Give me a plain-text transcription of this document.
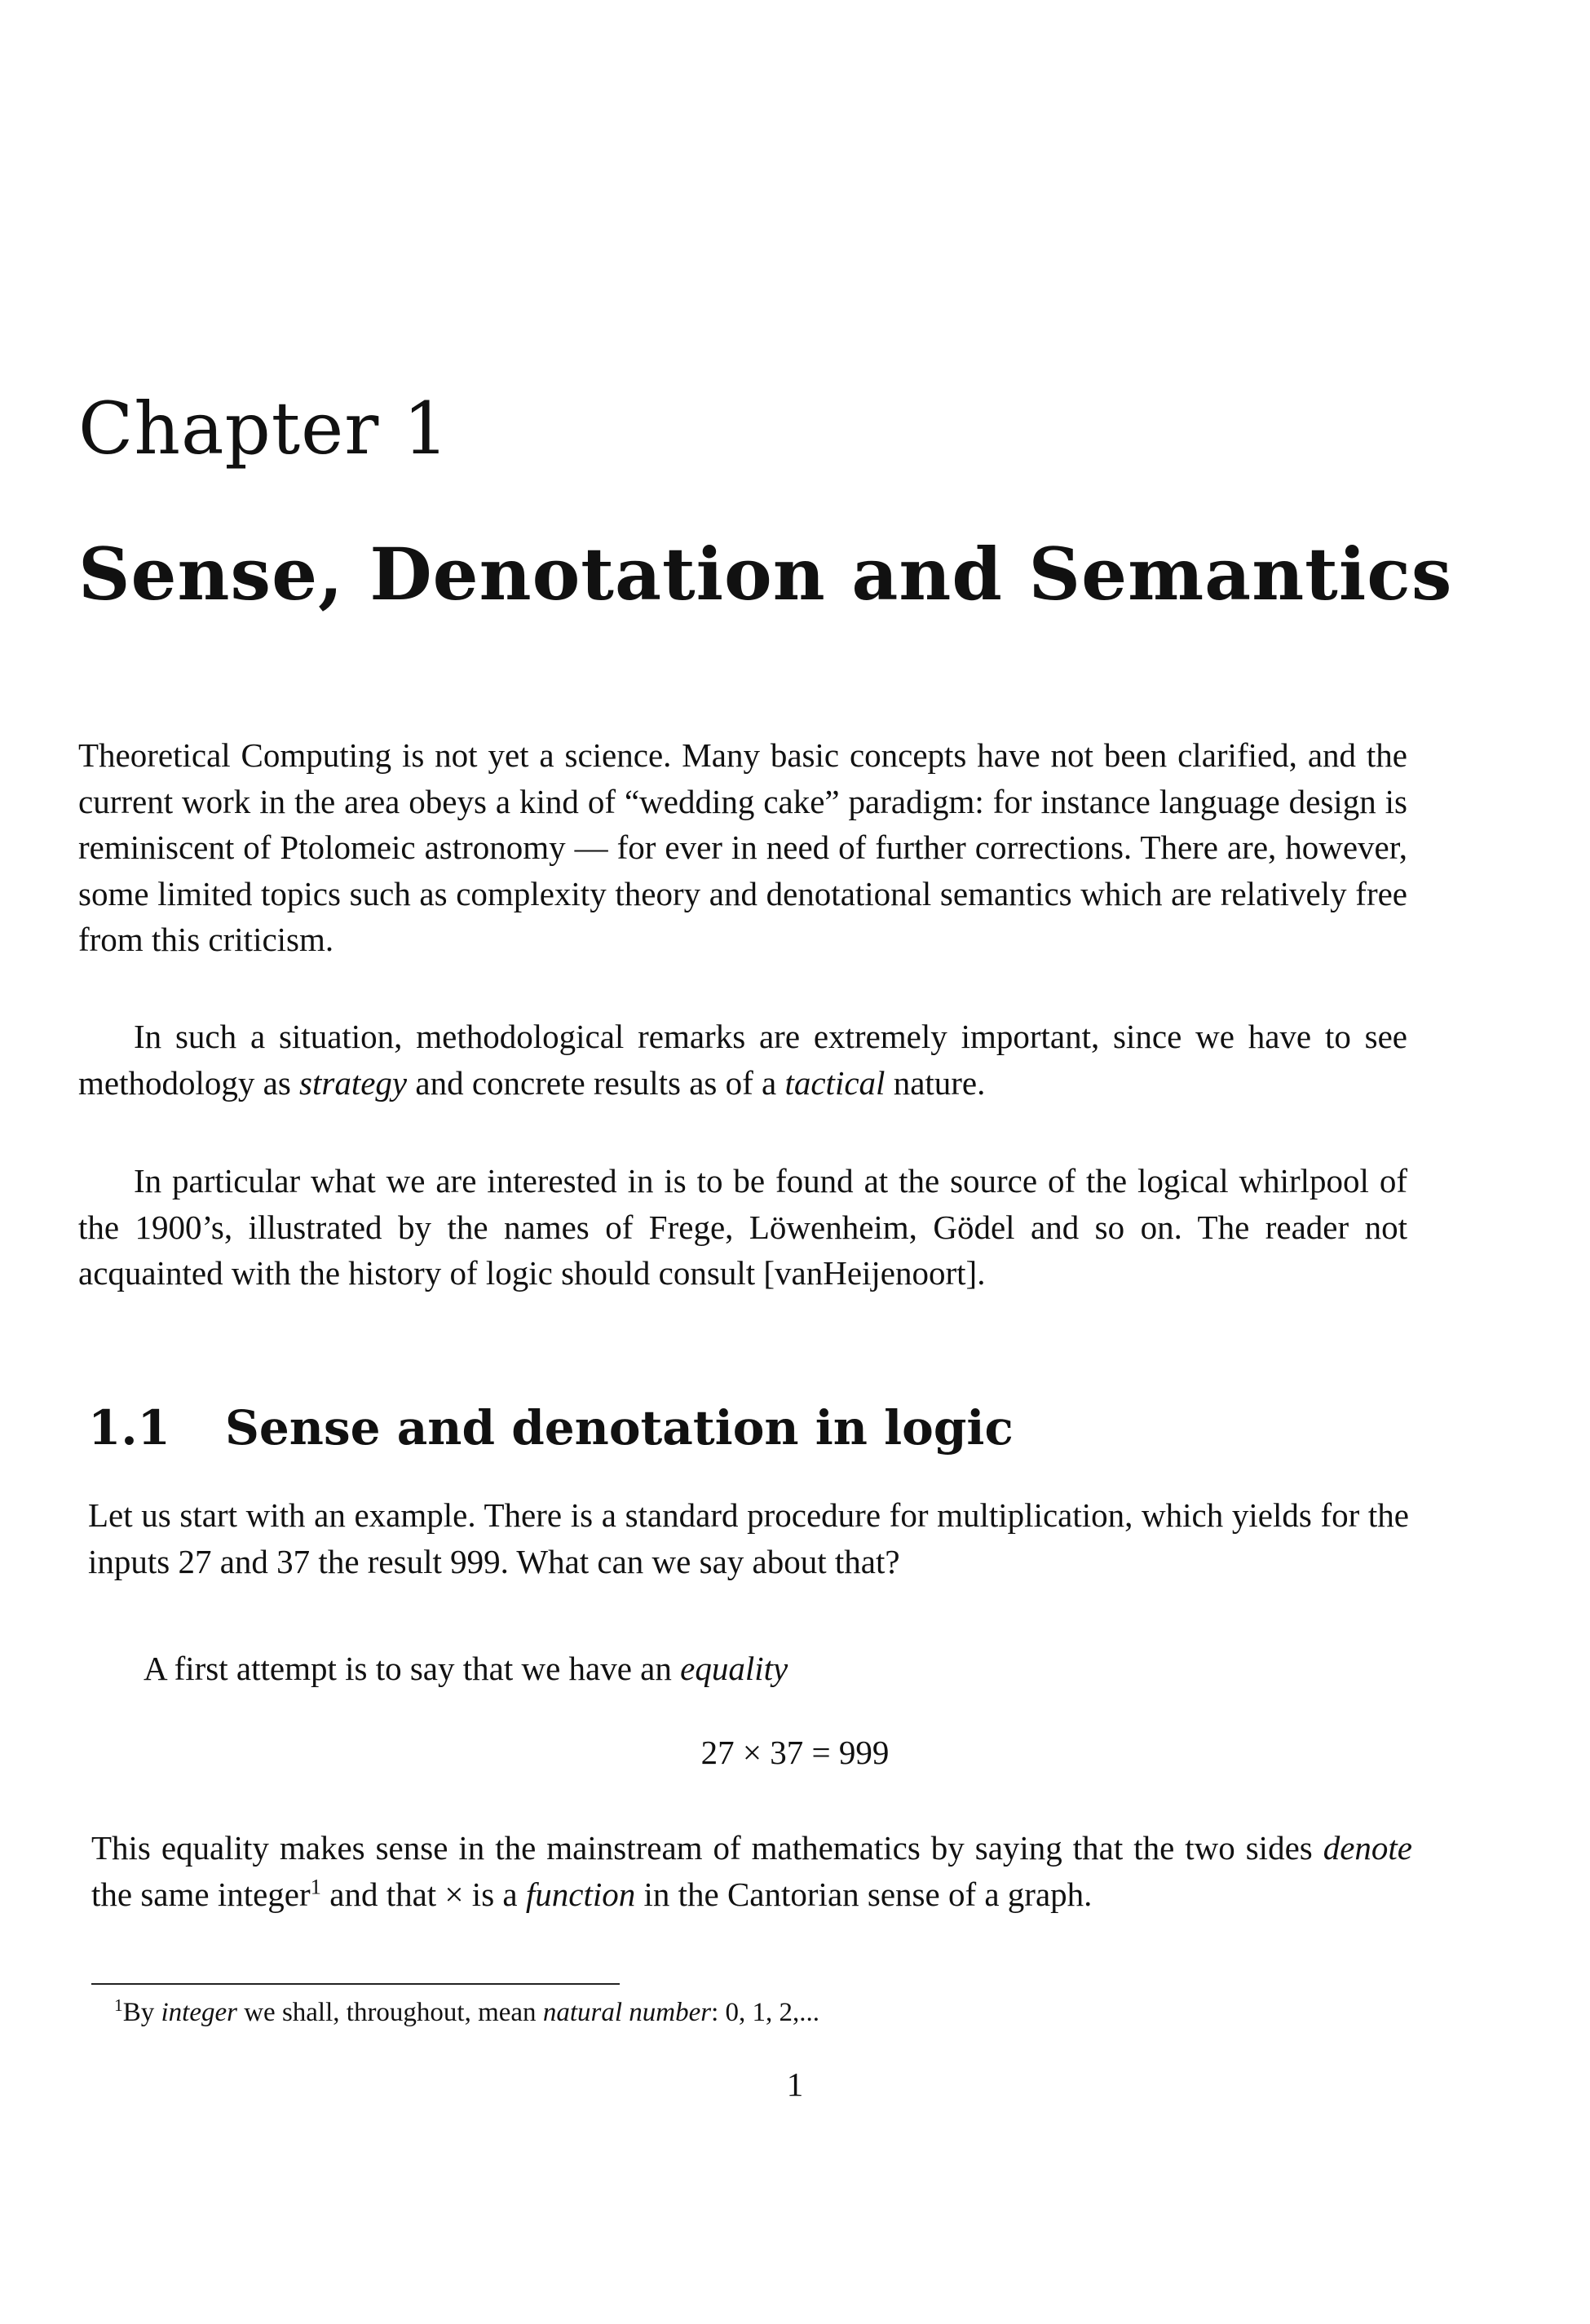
Chapter 1
Sense, Denotation and Semantics

Theoretical Computing is not yet a science. Many basic concepts have not been clarified, and the current work in the area obeys a kind of “wedding cake” paradigm: for instance language design is reminiscent of Ptolomeic astronomy — for ever in need of further corrections. There are, however, some limited topics such as complexity theory and denotational semantics which are relatively free from this criticism.

In such a situation, methodological remarks are extremely important, since we have to see methodology as strategy and concrete results as of a tactical nature.

In particular what we are interested in is to be found at the source of the logical whirlpool of the 1900’s, illustrated by the names of Frege, Löwenheim, Gödel and so on. The reader not acquainted with the history of logic should consult [vanHeijenoort].

1.1 Sense and denotation in logic

Let us start with an example. There is a standard procedure for multiplication, which yields for the inputs 27 and 37 the result 999. What can we say about that?

A first attempt is to say that we have an equality

27 × 37 = 999

This equality makes sense in the mainstream of mathematics by saying that the two sides denote the same integer$^1$ and that × is a function in the Cantorian sense of a graph.

$^1$By integer we shall, throughout, mean natural number: 0, 1, 2,...

1
